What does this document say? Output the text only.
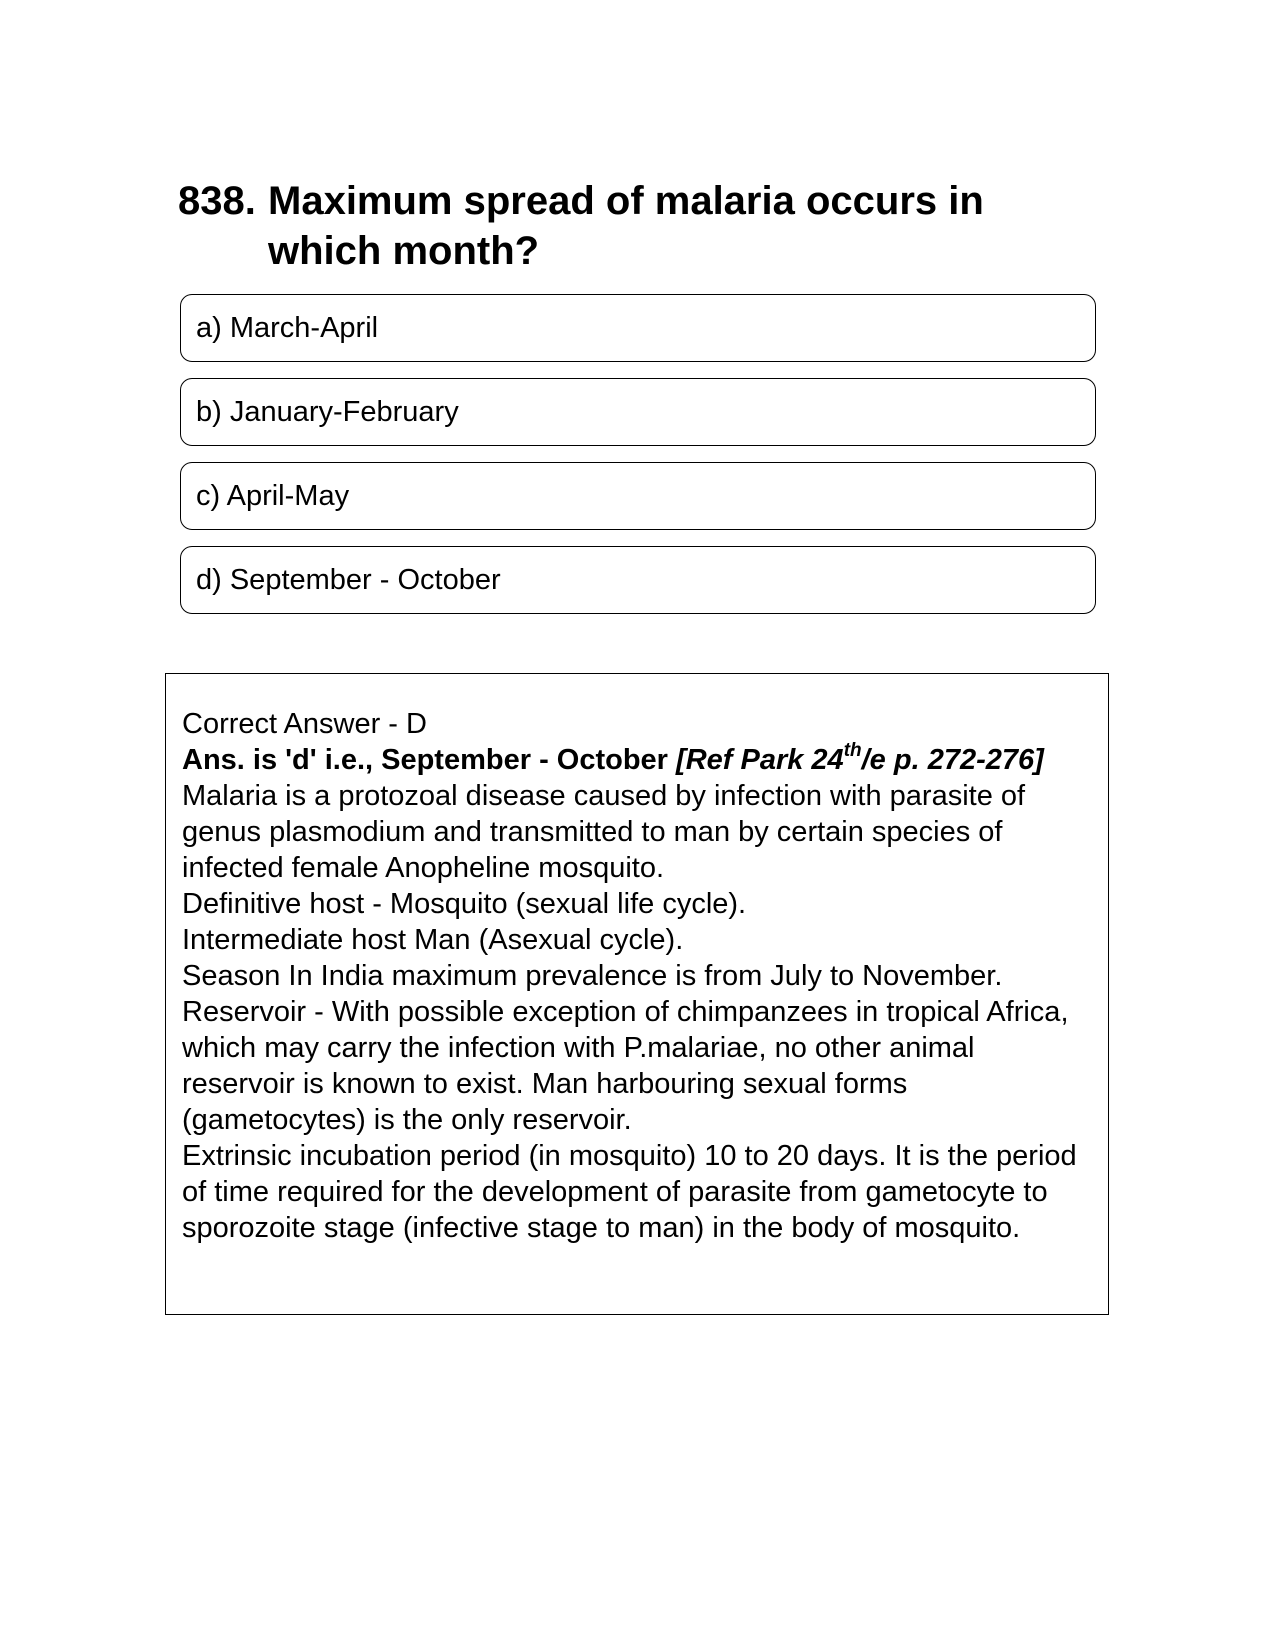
838. Maximum spread of malaria occurs in which month?
a) March-April
b) January-February
c) April-May
d) September - October

Correct Answer - D

Ans. is 'd' i.e., September - October [Ref Park 24th/e p. 272-276]

Malaria is a protozoal disease caused by infection with parasite of genus plasmodium and transmitted to man by certain species of infected female Anopheline mosquito.

Definitive host - Mosquito (sexual life cycle).

Intermediate host Man (Asexual cycle).

Season In India maximum prevalence is from July to November.

Reservoir - With possible exception of chimpanzees in tropical Africa, which may carry the infection with P.malariae, no other animal reservoir is known to exist. Man harbouring sexual forms (gametocytes) is the only reservoir.

Extrinsic incubation period (in mosquito) 10 to 20 days. It is the period of time required for the development of parasite from gametocyte to sporozoite stage (infective stage to man) in the body of mosquito.
